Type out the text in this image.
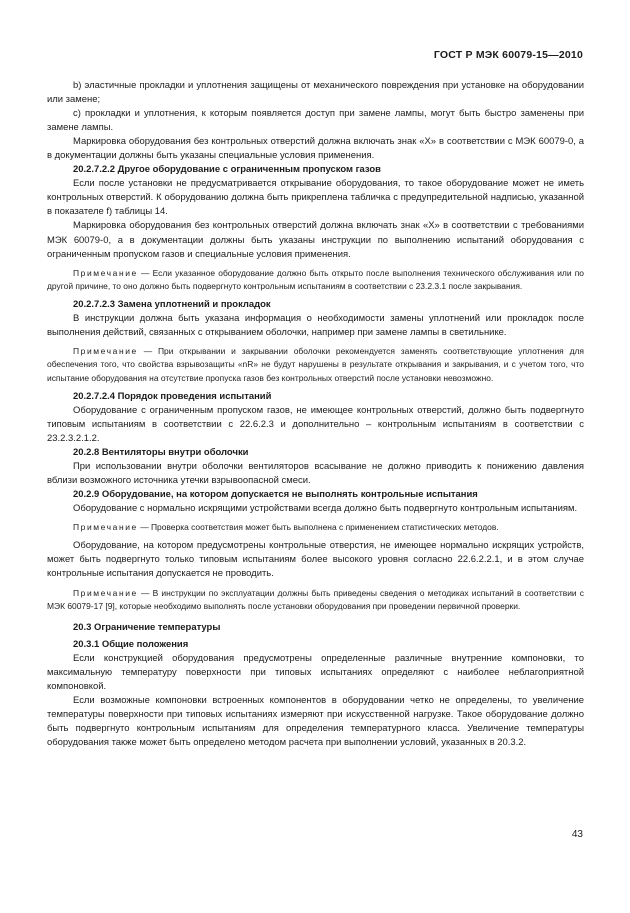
ГОСТ Р МЭК 60079-15—2010

b) эластичные прокладки и уплотнения защищены от механического повреждения при установке на оборудовании или замене;

c) прокладки и уплотнения, к которым появляется доступ при замене лампы, могут быть быстро заменены при замене лампы.

Маркировка оборудования без контрольных отверстий должна включать знак «X» в соответствии с МЭК 60079-0, а в документации должны быть указаны специальные условия применения.

20.2.7.2.2 Другое оборудование с ограниченным пропуском газов

Если после установки не предусматривается открывание оборудования, то такое оборудование может не иметь контрольных отверстий. К оборудованию должна быть прикреплена табличка с предупредительной надписью, указанной в показателе f) таблицы 14.

Маркировка оборудования без контрольных отверстий должна включать знак «X» в соответствии с требованиями МЭК 60079-0, а в документации должны быть указаны инструкции по выполнению испытаний оборудования с ограниченным пропуском газов и специальные условия применения.

Примечание — Если указанное оборудование должно быть открыто после выполнения технического обслуживания или по другой причине, то оно должно быть подвергнуто контрольным испытаниям в соответствии с 23.2.3.1 после закрывания.

20.2.7.2.3 Замена уплотнений и прокладок

В инструкции должна быть указана информация о необходимости замены уплотнений или прокладок после выполнения действий, связанных с открыванием оболочки, например при замене лампы в светильнике.

Примечание — При открывании и закрывании оболочки рекомендуется заменять соответствующие уплотнения для обеспечения того, что свойства взрывозащиты «nR» не будут нарушены в результате открывания и закрывания, и с учетом того, что испытание оборудования на отсутствие пропуска газов без контрольных отверстий после установки невозможно.

20.2.7.2.4 Порядок проведения испытаний

Оборудование с ограниченным пропуском газов, не имеющее контрольных отверстий, должно быть подвергнуто типовым испытаниям в соответствии с 22.6.2.3 и дополнительно – контрольным испытаниям в соответствии с 23.2.3.2.1.2.

20.2.8 Вентиляторы внутри оболочки

При использовании внутри оболочки вентиляторов всасывание не должно приводить к понижению давления вблизи возможного источника утечки взрывоопасной смеси.

20.2.9 Оборудование, на котором допускается не выполнять контрольные испытания

Оборудование с нормально искрящими устройствами всегда должно быть подвергнуто контрольным испытаниям.

Примечание — Проверка соответствия может быть выполнена с применением статистических методов.

Оборудование, на котором предусмотрены контрольные отверстия, не имеющее нормально искрящих устройств, может быть подвергнуто только типовым испытаниям более высокого уровня согласно 22.6.2.2.1, и в этом случае контрольные испытания допускается не проводить.

Примечание — В инструкции по эксплуатации должны быть приведены сведения о методиках испытаний в соответствии с МЭК 60079-17 [9], которые необходимо выполнять после установки оборудования при проведении первичной проверки.

20.3 Ограничение температуры

20.3.1 Общие положения

Если конструкцией оборудования предусмотрены определенные различные внутренние компоновки, то максимальную температуру поверхности при типовых испытаниях определяют с наиболее неблагоприятной компоновкой.

Если возможные компоновки встроенных компонентов в оборудовании четко не определены, то увеличение температуры поверхности при типовых испытаниях измеряют при искусственной нагрузке. Такое оборудование должно быть подвергнуто контрольным испытаниям для определения температурного класса. Увеличение температуры оборудования также может быть определено методом расчета при выполнении условий, указанных в 20.3.2.

43
